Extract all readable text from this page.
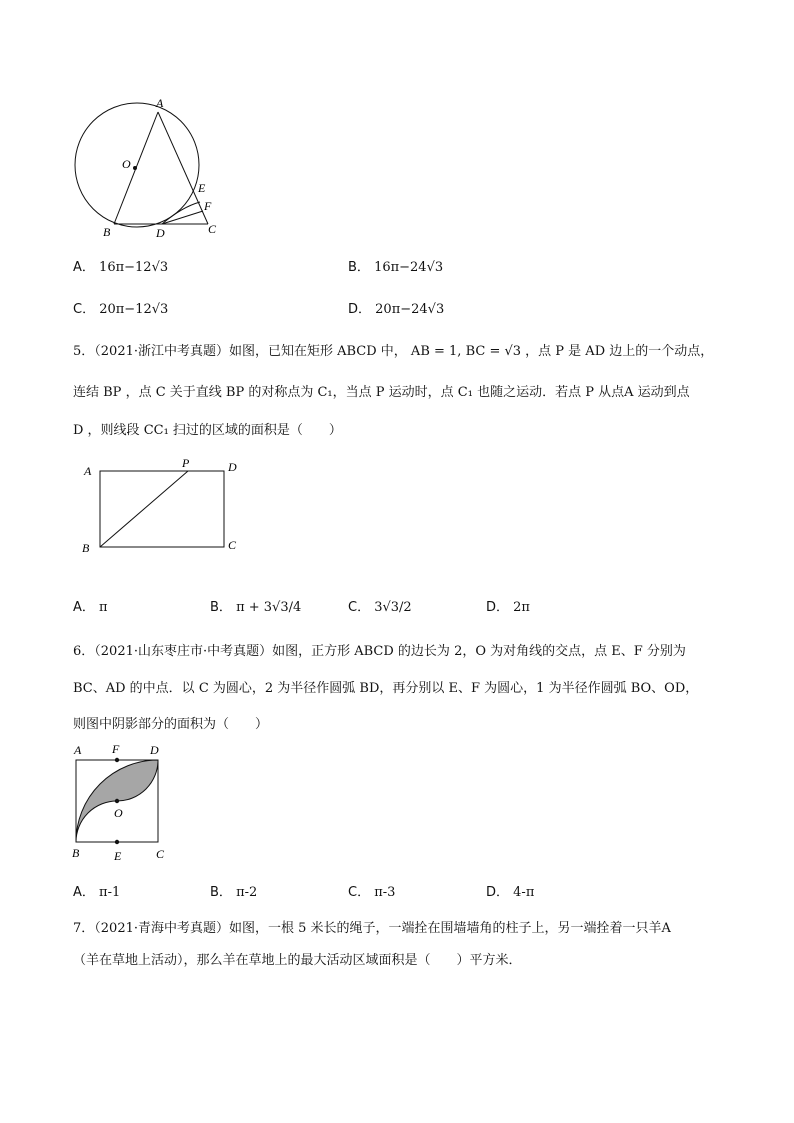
A
O
E
F
B	D	C
A． 16π−12√3	B． 16π−24√3
C． 20π−12√3	D． 20π−24√3
5．（2021·浙江中考真题）如图，已知在矩形 ABCD 中， AB = 1, BC = √3 ，点 P 是 AD 边上的一个动点，
连结 BP ，点 C 关于直线 BP 的对称点为 C₁，当点 P 运动时，点 C₁ 也随之运动．若点 P 从点A 运动到点
D ，则线段 CC₁ 扫过的区域的面积是（　　）
A
P	D
B	C
A． π	B． π + 3√3/4	C． 3√3/2	D． 2π
6．（2021·山东枣庄市·中考真题）如图，正方形 ABCD 的边长为 2，O 为对角线的交点，点 E、F 分别为
BC、AD 的中点．以 C 为圆心，2 为半径作圆弧 BD，再分别以 E、F 为圆心，1 为半径作圆弧 BO、OD，
则图中阴影部分的面积为（　　）
A	F	D
O
B	E	C
A． π-1	B． π-2	C． π-3	D． 4-π
7．（2021·青海中考真题）如图，一根 5 米长的绳子，一端拴在围墙墙角的柱子上，另一端拴着一只羊A
（羊在草地上活动），那么羊在草地上的最大活动区域面积是（　　）平方米．
